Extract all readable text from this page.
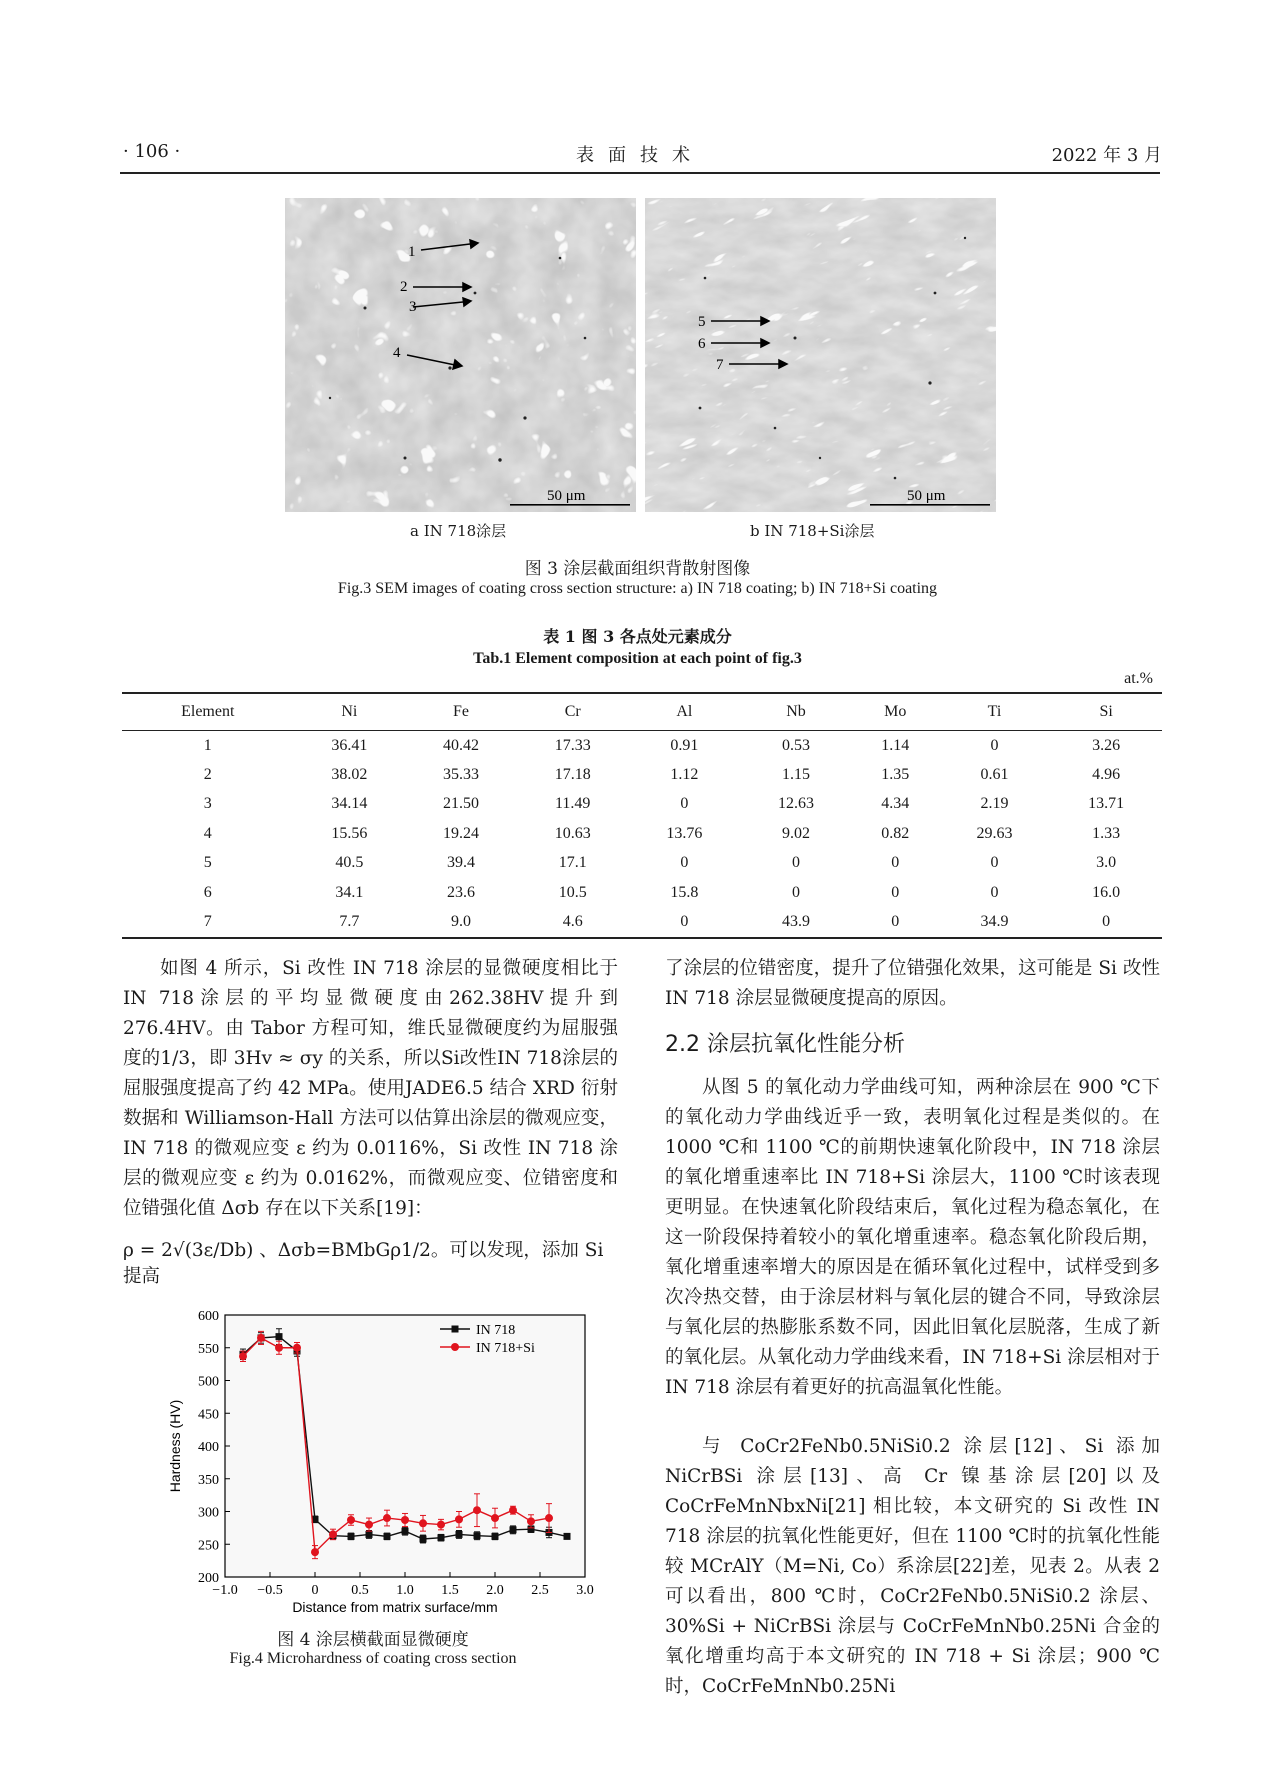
· 106 ·	表面技术	2022 年 3 月
1
2
3
4
50 μm
5
6
7
50 μm
a IN 718涂层	b IN 718+Si涂层
图 3 涂层截面组织背散射图像
Fig.3 SEM images of coating cross section structure: a) IN 718 coating; b) IN 718+Si coating
表 1 图 3 各点处元素成分
Tab.1 Element composition at each point of fig.3
at.%
Element	Ni	Fe	Cr	Al	Nb	Mo	Ti	Si
1	36.41	40.42	17.33	0.91	0.53	1.14	0	3.26
2	38.02	35.33	17.18	1.12	1.15	1.35	0.61	4.96
3	34.14	21.50	11.49	0	12.63	4.34	2.19	13.71
4	15.56	19.24	10.63	13.76	9.02	0.82	29.63	1.33
5	40.5	39.4	17.1	0	0	0	0	3.0
6	34.1	23.6	10.5	15.8	0	0	0	16.0
7	7.7	9.0	4.6	0	43.9	0	34.9	0
如图 4 所示，Si 改性 IN 718 涂层的显微硬度相比于IN 718涂层的平均显微硬度由262.38HV提升到276.4HV。由 Tabor 方程可知，维氏显微硬度约为屈服强度的1/3，即 3Hv ≈ σy 的关系，所以Si改性IN 718涂层的屈服强度提高了约 42 MPa。使用JADE6.5 结合 XRD 衍射数据和 Williamson-Hall 方法可以估算出涂层的微观应变，IN 718 的微观应变 ε 约为 0.0116%，Si 改性 IN 718 涂层的微观应变 ε 约为 0.0162%，而微观应变、位错密度和位错强化值 Δσb 存在以下关系[19]：
ρ = 2√(3ε/Db) 、Δσb=BMbGρ1/2。可以发现，添加 Si 提高
200
250
300
350
400
450
500
550
600
−1.0 −0.5 0 0.5 1.0 1.5 2.0 2.5 3.0
Distance from matrix surface/mm
Hardness (HV)
IN 718
IN 718+Si
图 4 涂层横截面显微硬度
Fig.4 Microhardness of coating cross section
了涂层的位错密度，提升了位错强化效果，这可能是 Si 改性 IN 718 涂层显微硬度提高的原因。
2.2 涂层抗氧化性能分析
从图 5 的氧化动力学曲线可知，两种涂层在 900 ℃下的氧化动力学曲线近乎一致，表明氧化过程是类似的。在 1000 ℃和 1100 ℃的前期快速氧化阶段中，IN 718 涂层的氧化增重速率比 IN 718+Si 涂层大，1100 ℃时该表现更明显。在快速氧化阶段结束后，氧化过程为稳态氧化，在这一阶段保持着较小的氧化增重速率。稳态氧化阶段后期，氧化增重速率增大的原因是在循环氧化过程中，试样受到多次冷热交替，由于涂层材料与氧化层的键合不同，导致涂层与氧化层的热膨胀系数不同，因此旧氧化层脱落，生成了新的氧化层。从氧化动力学曲线来看，IN 718+Si 涂层相对于 IN 718 涂层有着更好的抗高温氧化性能。
与 CoCr2FeNb0.5NiSi0.2 涂层[12]、Si 添加 NiCrBSi 涂层[13]、高 Cr 镍基涂层[20]以及 CoCrFeMnNbxNi[21] 相比较，本文研究的 Si 改性 IN 718 涂层的抗氧化性能更好，但在 1100 ℃时的抗氧化性能较 MCrAlY（M=Ni, Co）系涂层[22]差，见表 2。从表 2 可以看出，800 ℃时，CoCr2FeNb0.5NiSi0.2 涂层、30%Si + NiCrBSi 涂层与 CoCrFeMnNb0.25Ni 合金的氧化增重均高于本文研究的 IN 718 + Si 涂层；900 ℃时，CoCrFeMnNb0.25Ni
